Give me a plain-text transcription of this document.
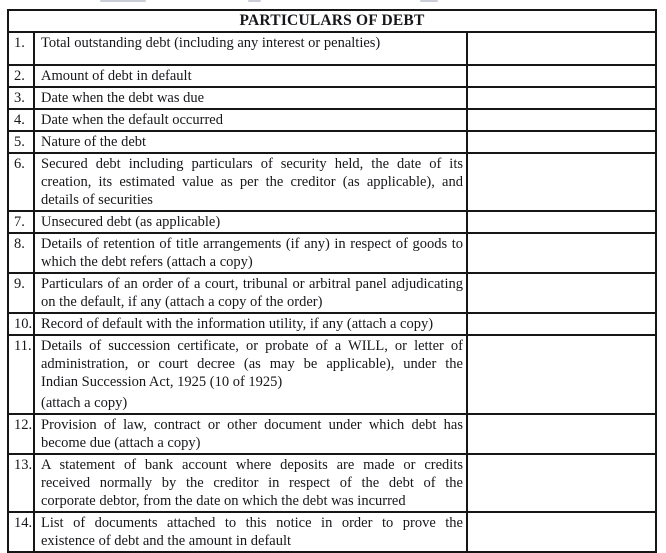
PARTICULARS OF DEBT		
1.	Total outstanding debt (including any interest or penalties)	

2.	Amount of debt in default	

3.	Date when the debt was due	

4.	Date when the default occurred	

5.	Nature of the debt	

6.	Secured debt including particulars of security held, the date of its
creation, its estimated value as per the creditor (as applicable), and
details of securities	

7.	Unsecured debt (as applicable)	

8.	Details of retention of title arrangements (if any) in respect of goods to
which the debt refers (attach a copy)	

9.	Particulars of an order of a court, tribunal or arbitral panel adjudicating
on the default, if any (attach a copy of the order)	

10.	Record of default with the information utility, if any (attach a copy)	

11.	Details of succession certificate, or probate of a WILL, or letter of
administration, or court decree (as may be applicable), under the
Indian Succession Act, 1925 (10 of 1925)
(attach a copy)	

12.	Provision of law, contract or other document under which debt has
become due (attach a copy)	

13.	A statement of bank account where deposits are made or credits
received normally by the creditor in respect of the debt of the
corporate debtor, from the date on which the debt was incurred	

14.	List of documents attached to this notice in order to prove the
existence of debt and the amount in default	
